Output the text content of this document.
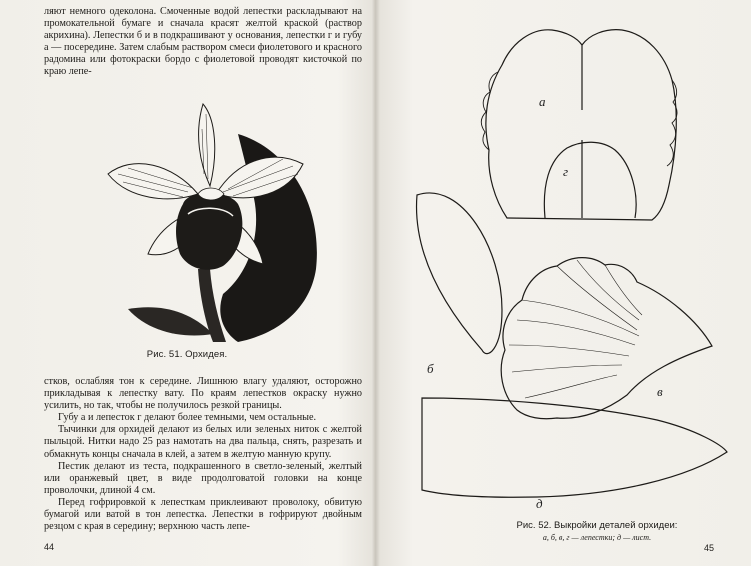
ляют немного одеколона. Смоченные водой лепестки раскладывают на промокательной бумаге и сначала красят желтой краской (раствор акрихина). Лепестки б и в подкрашивают у основания, лепестки г и губу а — посередине. Затем слабым раствором смеси фиолетового и красного радомина или фотокраски бордо с фиолетовой проводят кисточкой по краю лепе-

Рис. 51. Орхидея.

стков, ослабляя тон к середине. Лишнюю влагу удаляют, осторожно прикладывая к лепестку вату. По краям лепестков окраску нужно усилить, но так, чтобы не получилось резкой границы.

Губу а и лепесток г делают более темными, чем остальные.

Тычинки для орхидей делают из белых или зеленых ниток с желтой пыльцой. Нитки надо 25 раз намотать на два пальца, снять, разрезать и обмакнуть концы сначала в клей, а затем в желтую манную крупу.

Пестик делают из теста, подкрашенного в светло-зеленый, желтый или оранжевый цвет, в виде продолговатой головки на конце проволочки, длиной 4 см.

Перед гофрировкой к лепесткам приклеивают проволоку, обвитую бумагой или ватой в тон лепестка. Лепестки в гофрируют двойным резцом с края в середину; верхнюю часть лепе-

44
а
г
б
в
д
Рис. 52. Выкройки деталей орхидеи:
а, б, в, г — лепестки; д — лист.
45
